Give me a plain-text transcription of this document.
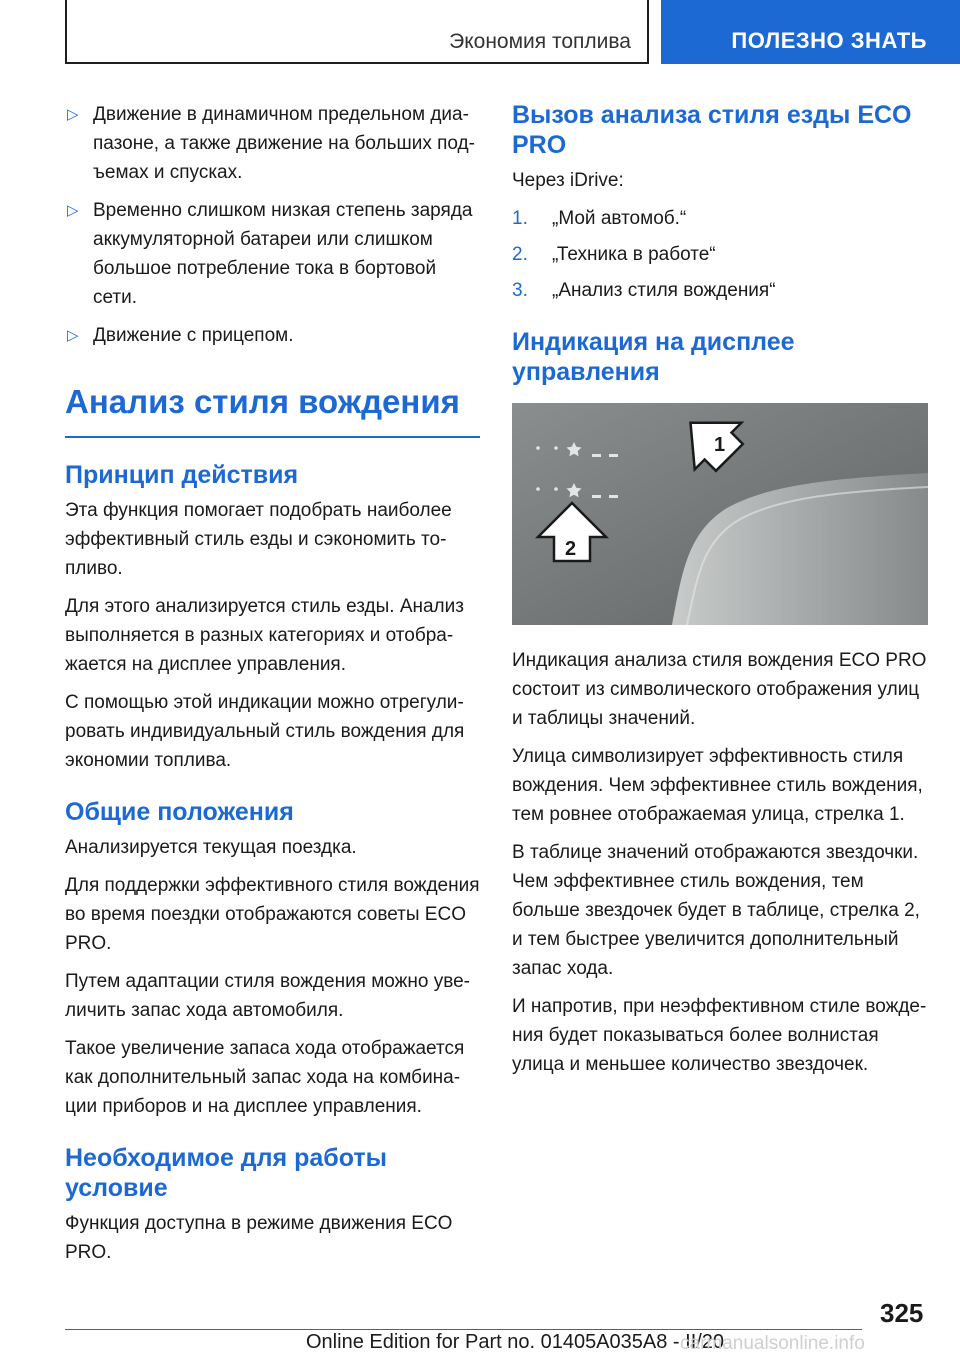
Экономия топлива	ПОЛЕЗНО ЗНАТЬ
▷ Движение в динамичном предельном диапазоне, а также движение на больших подъемах и спусках.
▷ Временно слишком низкая степень заряда аккумуляторной батареи или слишком большое потребление тока в бортовой сети.
▷ Движение с прицепом.
Анализ стиля вождения
Принцип действия

Эта функция помогает подобрать наиболее эффективный стиль езды и сэкономить топливо.

Для этого анализируется стиль езды. Анализ выполняется в разных категориях и отображается на дисплее управления.

С помощью этой индикации можно отрегулировать индивидуальный стиль вождения для экономии топлива.

Общие положения

Анализируется текущая поездка.

Для поддержки эффективного стиля вождения во время поездки отображаются советы ECO PRO.

Путем адаптации стиля вождения можно увеличить запас хода автомобиля.

Такое увеличение запаса хода отображается как дополнительный запас хода на комбинации приборов и на дисплее управления.

Необходимое для работы условие

Функция доступна в режиме движения ECO PRO.

Вызов анализа стиля езды ECO PRO

Через iDrive:

1. „Мой автомоб.“
2. „Техника в работе“
3. „Анализ стиля вождения“
Индикация на дисплее управления
1
2

Индикация анализа стиля вождения ECO PRO состоит из символического отображения улиц и таблицы значений.

Улица символизирует эффективность стиля вождения. Чем эффективнее стиль вождения, тем ровнее отображаемая улица, стрелка 1.

В таблице значений отображаются звездочки. Чем эффективнее стиль вождения, тем больше звездочек будет в таблице, стрелка 2, и тем быстрее увеличится дополнительный запас хода.

И напротив, при неэффективном стиле вождения будет показываться более волнистая улица и меньшее количество звездочек.

325
Online Edition for Part no. 01405A035A8 - II/20
carmanualsonline.info
